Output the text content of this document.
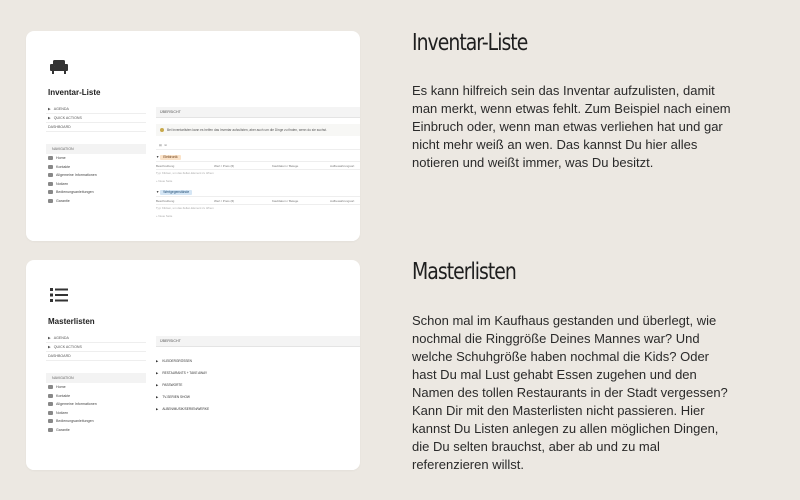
Inventar-Liste
▶ AGENDA
▶ QUICK ACTIONS
DASHBOARD
NAVIGATION
Home
Kontakte
Allgemeine Informationen
Notizen
Bedienungsanleitungen
Garantie
ÜBERSICHT
Bei Inventarlisten kann es helfen das Inventar aufzulisten, aber auch um die Dinge zu finden, wenn du sie suchst.
▤   ⊞
▼ Elektronik
Beschreibung	Wert / Preis (€)	Kaufdatum / Belege	Aufbewahrungsort
Typ: Klicken, um das Zellen-Element zu öffnen
+ Neue Seite
▼ Wertgegenstände
Beschreibung	Wert / Preis (€)	Kaufdatum / Belege	Aufbewahrungsort
Typ: Klicken, um das Zellen-Element zu öffnen
+ Neue Seite
Masterlisten
▶ AGENDA
▶ QUICK ACTIONS
DASHBOARD
NAVIGATION
Home
Kontakte
Allgemeine Informationen
Notizen
Bedienungsanleitungen
Garantie
ÜBERSICHT
▶ KLEIDERGRÖSSEN
▶ RESTAURANTS + TAKE AWAY
▶ PASSWORTE
▶ TV-SERIEN SHOW
▶ ALBEN/MUSIK/SERIEN/WERKE
Inventar-Liste

Es kann hilfreich sein das Inventar aufzulisten, damit man merkt, wenn etwas fehlt. Zum Beispiel nach einem Einbruch oder, wenn man etwas verliehen hat und gar nicht mehr weiß an wen. Das kannst Du hier alles notieren und weißt immer, was Du besitzt.

Masterlisten

Schon mal im Kaufhaus gestanden und überlegt, wie nochmal die Ringgröße Deines Mannes war? Und welche Schuhgröße haben nochmal die Kids? Oder hast Du mal Lust gehabt Essen zugehen und den Namen des tollen Restaurants in der Stadt vergessen? Kann Dir mit den Masterlisten nicht passieren. Hier kannst Du Listen anlegen zu allen möglichen Dingen, die Du selten brauchst, aber ab und zu mal referenzieren willst.
